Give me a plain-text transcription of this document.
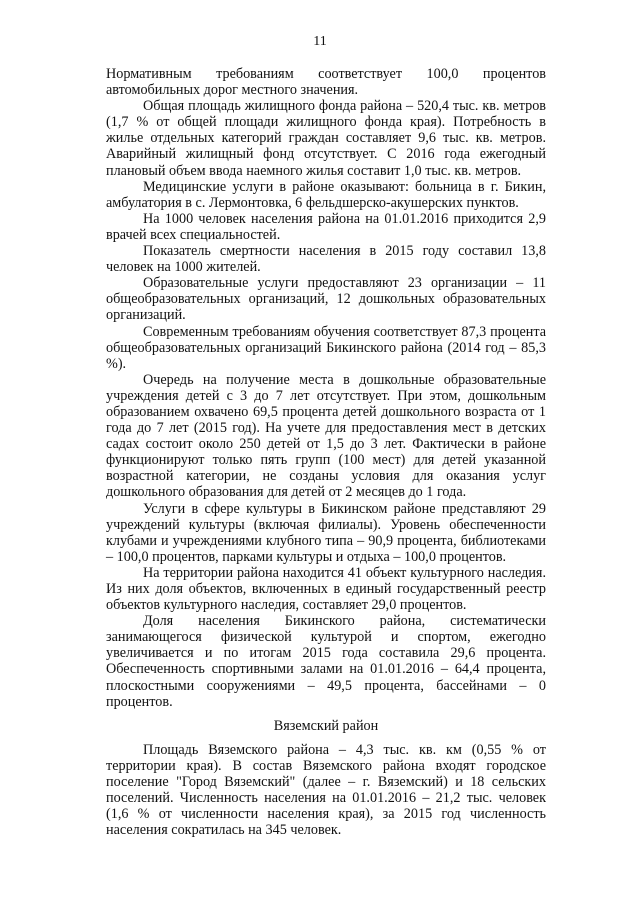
11

Нормативным требованиям соответствует 100,0 процентов автомобильных дорог местного значения.

Общая площадь жилищного фонда района – 520,4 тыс. кв. метров (1,7 % от общей площади жилищного фонда края). Потребность в жилье отдельных категорий граждан составляет 9,6 тыс. кв. метров. Аварийный жилищный фонд отсутствует. С 2016 года ежегодный плановый объем ввода наемного жилья составит 1,0 тыс. кв. метров.

Медицинские услуги в районе оказывают: больница в г. Бикин, амбулатория в с. Лермонтовка, 6 фельдшерско-акушерских пунктов.

На 1000 человек населения района на 01.01.2016 приходится 2,9 врачей всех специальностей.

Показатель смертности населения в 2015 году составил 13,8 человек на 1000 жителей.

Образовательные услуги предоставляют 23 организации – 11 общеобразовательных организаций, 12 дошкольных образовательных организаций.

Современным требованиям обучения соответствует 87,3 процента общеобразовательных организаций Бикинского района (2014 год – 85,3 %).

Очередь на получение места в дошкольные образовательные учреждения детей с 3 до 7 лет отсутствует. При этом, дошкольным образованием охвачено 69,5 процента детей дошкольного возраста от 1 года до 7 лет (2015 год). На учете для предоставления мест в детских садах состоит около 250 детей от 1,5 до 3 лет. Фактически в районе функционируют только пять групп (100 мест) для детей указанной возрастной категории, не созданы условия для оказания услуг дошкольного образования для детей от 2 месяцев до 1 года.

Услуги в сфере культуры в Бикинском районе представляют 29 учреждений культуры (включая филиалы). Уровень обеспеченности клубами и учреждениями клубного типа – 90,9 процента, библиотеками – 100,0 процентов, парками культуры и отдыха – 100,0 процентов.

На территории района находится 41 объект культурного наследия. Из них доля объектов, включенных в единый государственный реестр объектов культурного наследия, составляет 29,0 процентов.

Доля населения Бикинского района, систематически занимающегося физической культурой и спортом, ежегодно увеличивается и по итогам 2015 года составила 29,6 процента. Обеспеченность спортивными залами на 01.01.2016 – 64,4 процента, плоскостными сооружениями – 49,5 процента, бассейнами – 0 процентов.

Вяземский район

Площадь Вяземского района – 4,3 тыс. кв. км (0,55 % от территории края). В состав Вяземского района входят городское поселение "Город Вяземский" (далее – г. Вяземский) и 18 сельских поселений. Численность населения на 01.01.2016 – 21,2 тыс. человек (1,6 % от численности населения края), за 2015 год численность населения сократилась на 345 человек.
